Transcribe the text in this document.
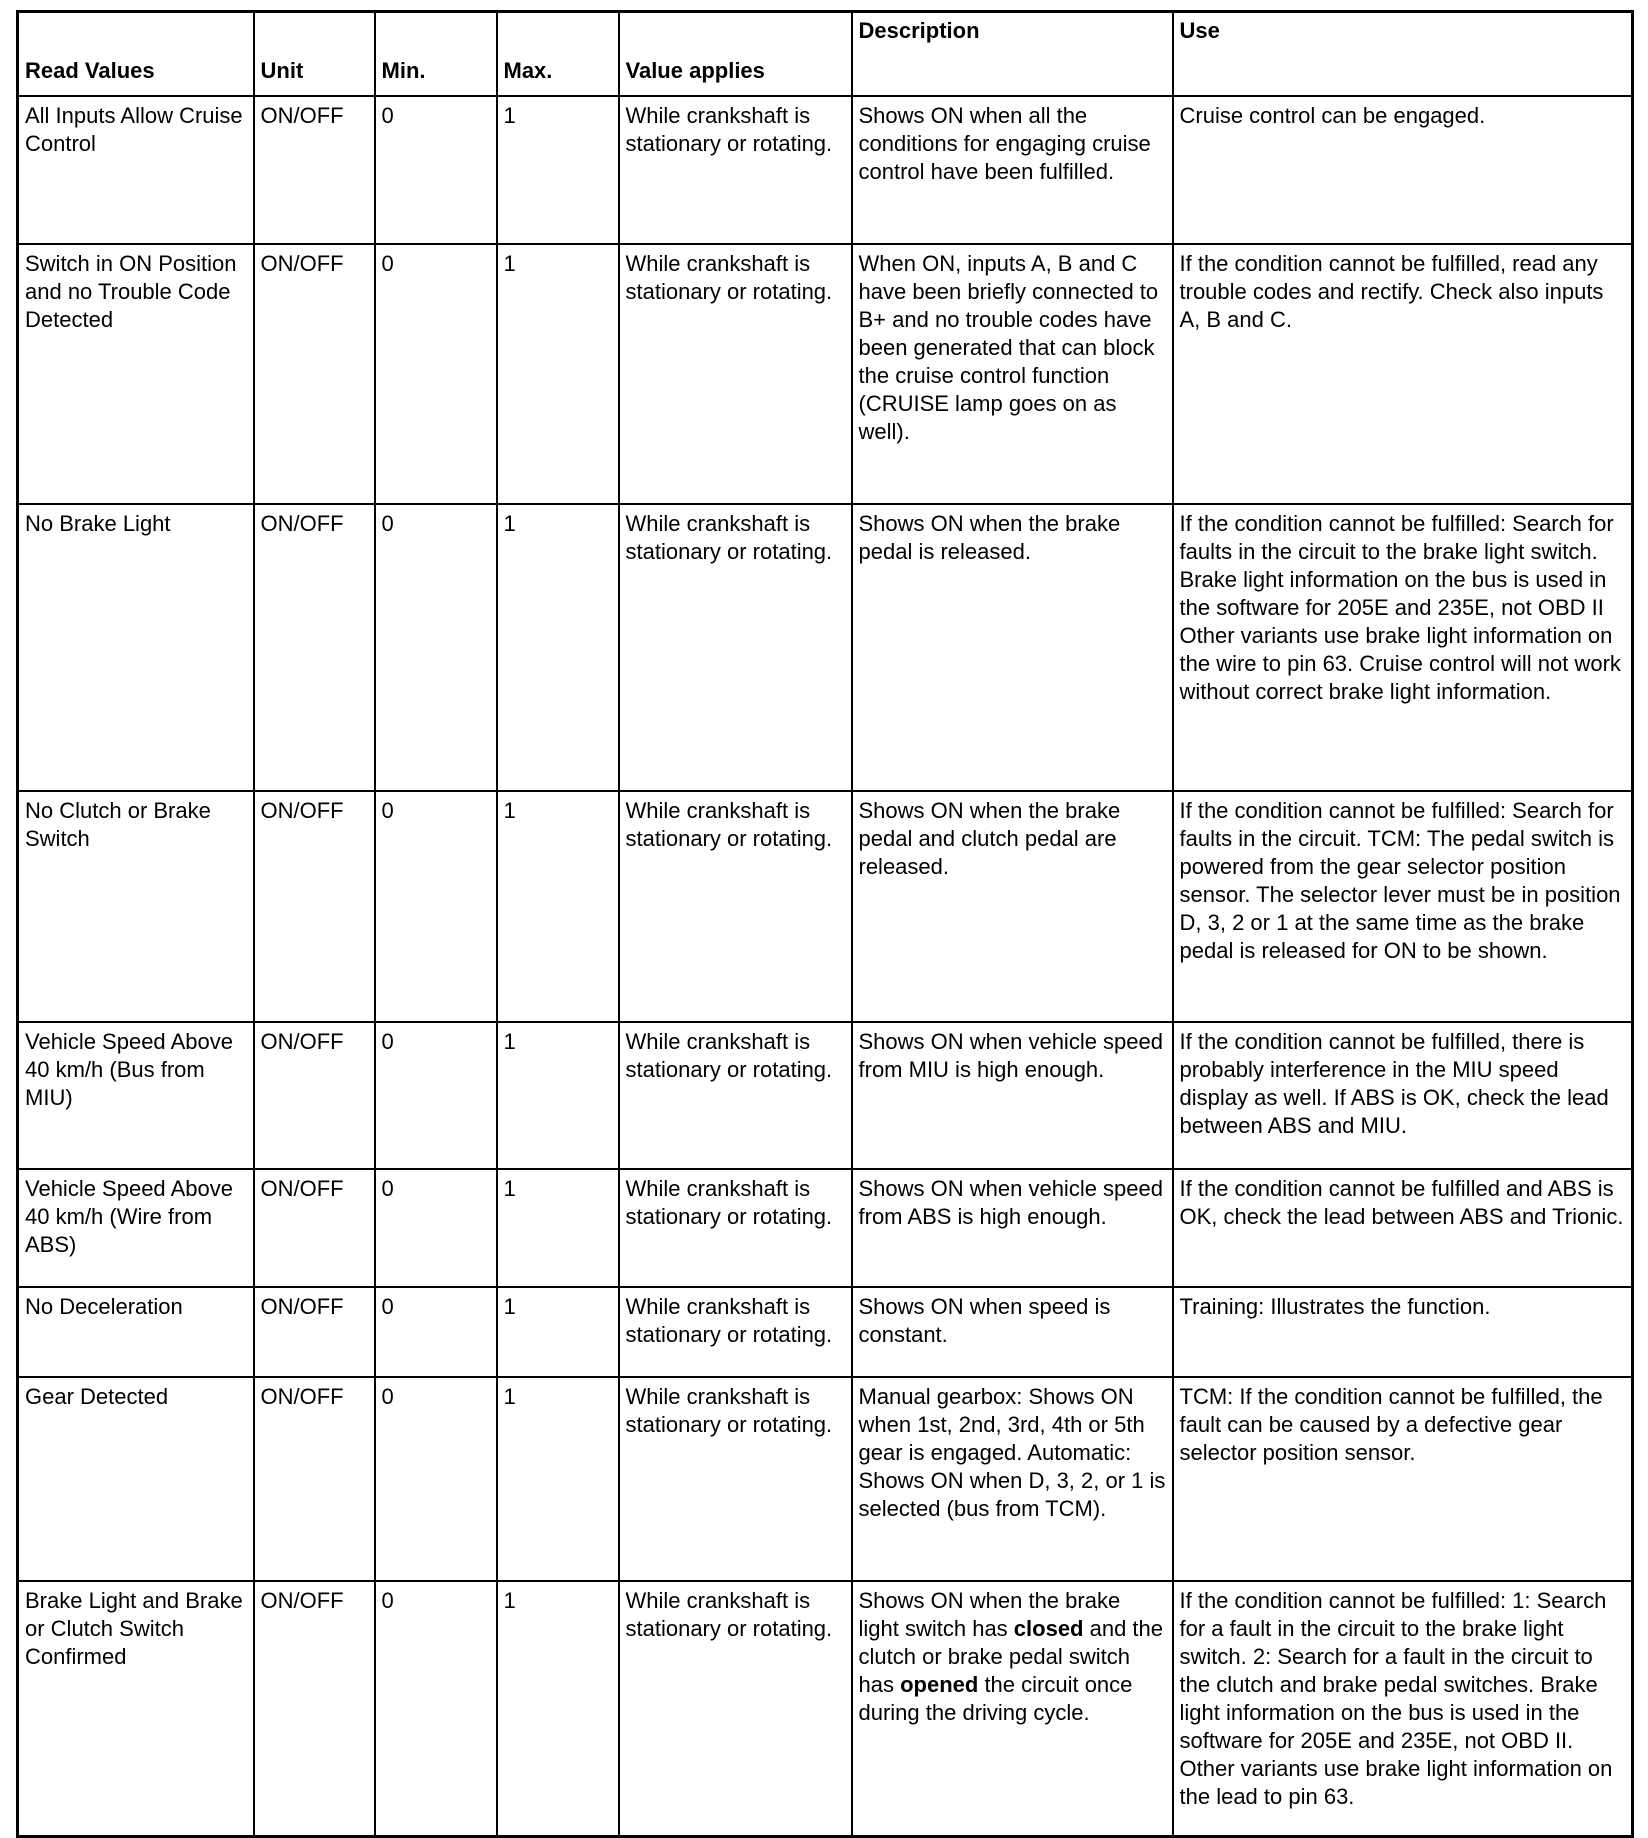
Read Values	Unit	Min.	Max.	Value applies	Description	Use
All Inputs Allow Cruise Control	ON/OFF	0	1	While crankshaft is stationary or rotating.	Shows ON when all the conditions for engaging cruise control have been fulfilled.	Cruise control can be engaged.
Switch in ON Position and no Trouble Code Detected	ON/OFF	0	1	While crankshaft is stationary or rotating.	When ON, inputs A, B and C have been briefly connected to B+ and no trouble codes have been generated that can block the cruise control function (CRUISE lamp goes on as well).	If the condition cannot be fulfilled, read any trouble codes and rectify. Check also inputs A, B and C.
No Brake Light	ON/OFF	0	1	While crankshaft is stationary or rotating.	Shows ON when the brake pedal is released.	If the condition cannot be fulfilled: Search for faults in the circuit to the brake light switch. Brake light information on the bus is used in the software for 205E and 235E, not OBD II Other variants use brake light information on the wire to pin 63. Cruise control will not work without correct brake light information.
No Clutch or Brake Switch	ON/OFF	0	1	While crankshaft is stationary or rotating.	Shows ON when the brake pedal and clutch pedal are released.	If the condition cannot be fulfilled: Search for faults in the circuit. TCM: The pedal switch is powered from the gear selector position sensor. The selector lever must be in position D, 3, 2 or 1 at the same time as the brake pedal is released for ON to be shown.
Vehicle Speed Above 40 km/h (Bus from MIU)	ON/OFF	0	1	While crankshaft is stationary or rotating.	Shows ON when vehicle speed from MIU is high enough.	If the condition cannot be fulfilled, there is probably interference in the MIU speed display as well. If ABS is OK, check the lead between ABS and MIU.
Vehicle Speed Above 40 km/h (Wire from ABS)	ON/OFF	0	1	While crankshaft is stationary or rotating.	Shows ON when vehicle speed from ABS is high enough.	If the condition cannot be fulfilled and ABS is OK, check the lead between ABS and Trionic.
No Deceleration	ON/OFF	0	1	While crankshaft is stationary or rotating.	Shows ON when speed is constant.	Training: Illustrates the function.
Gear Detected	ON/OFF	0	1	While crankshaft is stationary or rotating.	Manual gearbox: Shows ON when 1st, 2nd, 3rd, 4th or 5th gear is engaged. Automatic: Shows ON when D, 3, 2, or 1 is selected (bus from TCM).	TCM: If the condition cannot be fulfilled, the fault can be caused by a defective gear selector position sensor.
Brake Light and Brake or Clutch Switch Confirmed	ON/OFF	0	1	While crankshaft is stationary or rotating.	Shows ON when the brake light switch has closed and the clutch or brake pedal switch has opened the circuit once during the driving cycle.	If the condition cannot be fulfilled: 1: Search for a fault in the circuit to the brake light switch. 2: Search for a fault in the circuit to the clutch and brake pedal switches. Brake light information on the bus is used in the software for 205E and 235E, not OBD II. Other variants use brake light information on the lead to pin 63.
